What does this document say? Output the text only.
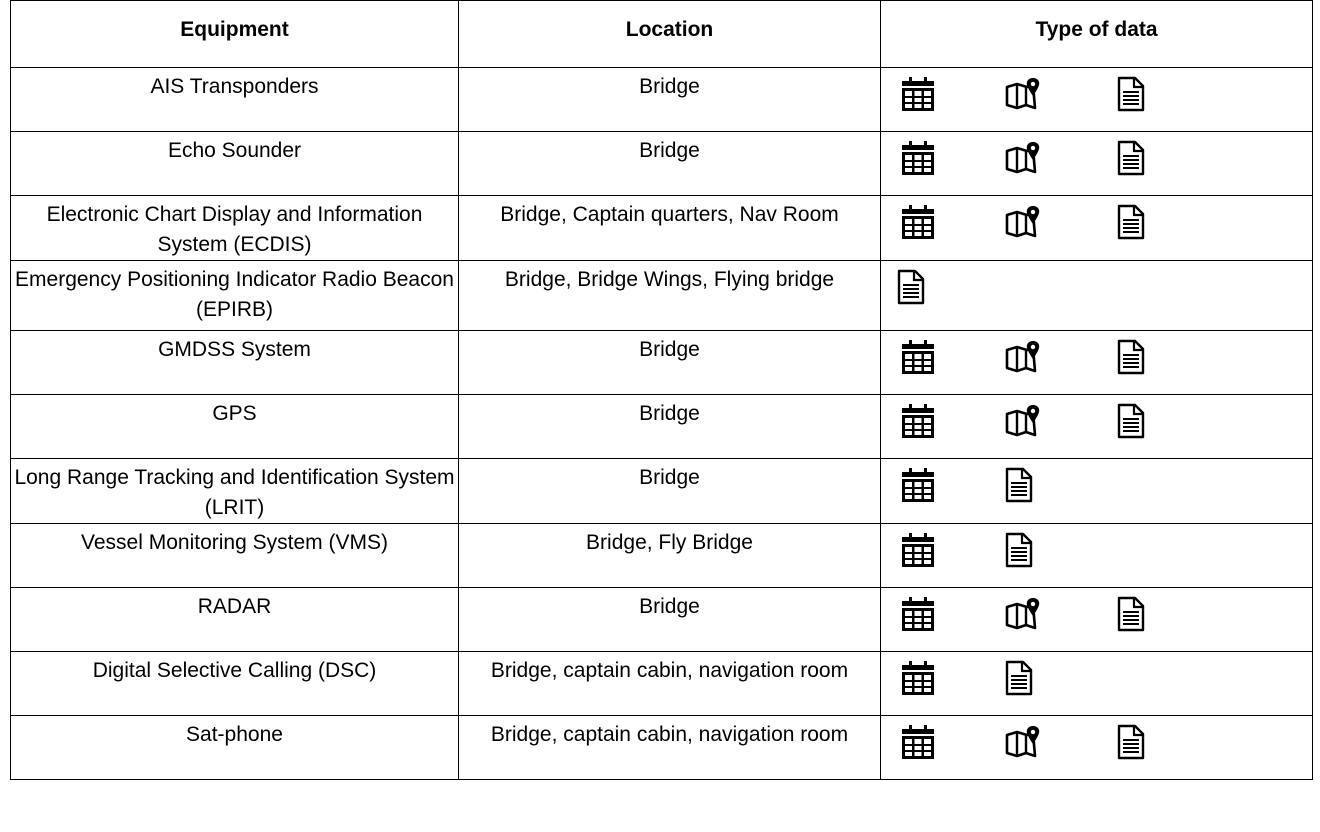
Equipment	Location	Type of data
AIS Transponders	Bridge	

Echo Sounder	Bridge	

Electronic Chart Display and Information System (ECDIS)	Bridge, Captain quarters, Nav Room	

Emergency Positioning Indicator Radio Beacon (EPIRB)	Bridge, Bridge Wings, Flying bridge	

GMDSS System	Bridge	

GPS	Bridge	

Long Range Tracking and Identification System (LRIT)	Bridge	

Vessel Monitoring System (VMS)	Bridge, Fly Bridge	

RADAR	Bridge	

Digital Selective Calling (DSC)	Bridge, captain cabin, navigation room	

Sat-phone	Bridge, captain cabin, navigation room	
